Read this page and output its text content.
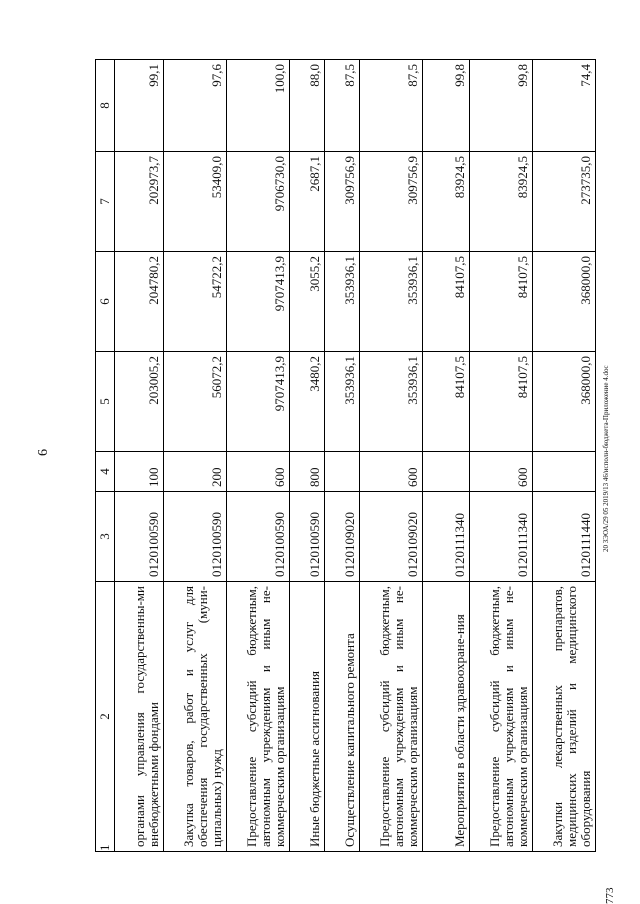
6	20 ЗЭОА/29 05 2019/13 46/испoлн-бюджета-Приложение 4.doc
773
1	2	3	4	5	6	7	8
	органами управления государственны-ми внебюджетными фондами	0120100590	100	203005,2	204780,2	202973,7	99,1
	Закупка товаров, работ и услуг для обеспечения государственных (муни-ципальных) нужд	0120100590	200	56072,2	54722,2	53409,0	97,6
	Предоставление субсидий бюджетным, автономным учреждениям и иным не-коммерческим организациям	0120100590	600	9707413,9	9707413,9	9706730,0	100,0
	Иные бюджетные ассигнования	0120100590	800	3480,2	3055,2	2687,1	88,0
	Осуществление капитального ремонта	0120109020		353936,1	353936,1	309756,9	87,5
	Предоставление субсидий бюджетным, автономным учреждениям и иным не-коммерческим организациям	0120109020	600	353936,1	353936,1	309756,9	87,5
	Мероприятия в области здравоохране-ния	0120111340		84107,5	84107,5	83924,5	99,8
	Предоставление субсидий бюджетным, автономным учреждениям и иным не-коммерческим организациям	0120111340	600	84107,5	84107,5	83924,5	99,8
	Закупки лекарственных препаратов, медицинских изделий и медицинского оборудования	0120111440		368000,0	368000,0	273735,0	74,4
